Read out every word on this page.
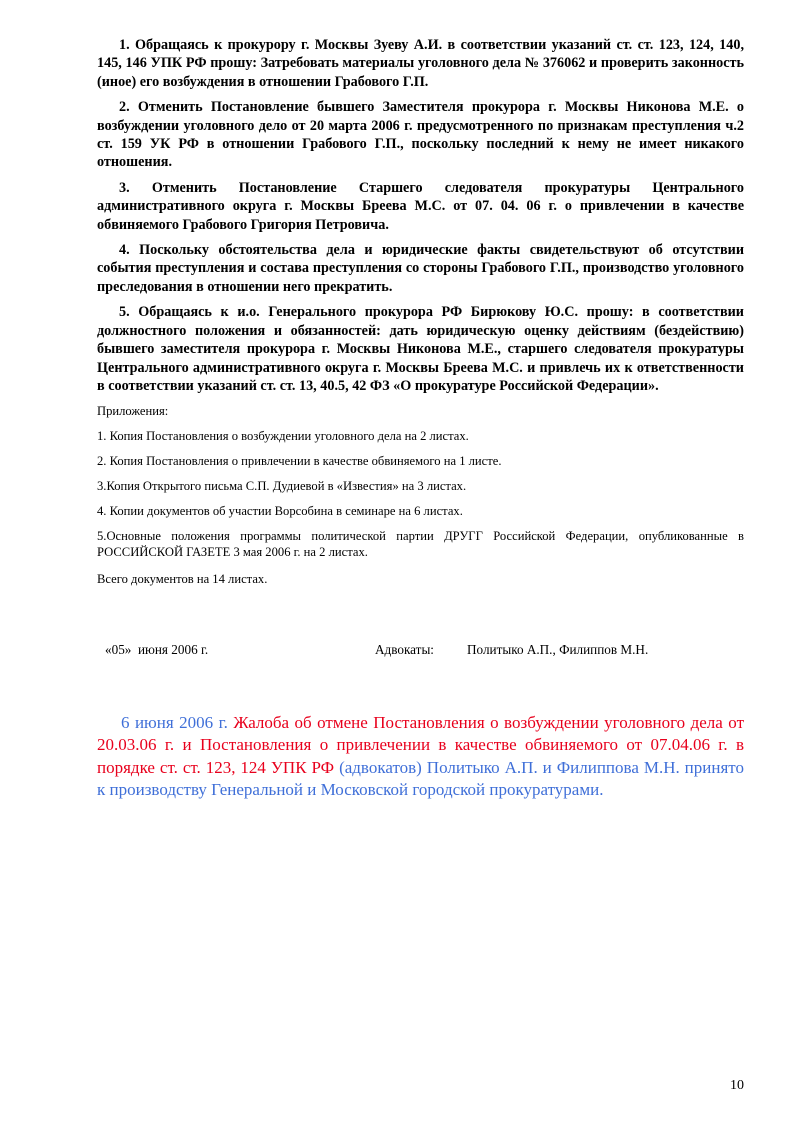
1. Обращаясь к прокурору г. Москвы Зуеву А.И. в соответствии указаний ст. ст. 123, 124, 140, 145, 146 УПК РФ прошу: Затребовать материалы уголовного дела № 376062 и проверить законность (иное) его возбуждения в отношении Грабового Г.П.

2. Отменить Постановление бывшего Заместителя прокурора г. Москвы Никонова М.Е. о возбуждении уголовного дело от 20 марта 2006 г. предусмотренного по признакам преступления ч.2 ст. 159 УК РФ в отношении Грабового Г.П., поскольку последний к нему не имеет никакого отношения.

3. Отменить Постановление Старшего следователя прокуратуры Центрального административного округа г. Москвы Бреева М.С. от 07. 04. 06 г. о привлечении в качестве обвиняемого Грабового Григория Петровича.

4. Поскольку обстоятельства дела и юридические факты свидетельствуют об отсутствии события преступления и состава преступления со стороны Грабового Г.П., производство уголовного преследования в отношении него прекратить.

5. Обращаясь к и.о. Генерального прокурора РФ Бирюкову Ю.С. прошу: в соответствии должностного положения и обязанностей: дать юридическую оценку действиям (бездействию) бывшего заместителя прокурора г. Москвы Никонова М.Е., старшего следователя прокуратуры Центрального административного округа г. Москвы Бреева М.С. и привлечь их к ответственности в соответствии указаний ст. ст. 13, 40.5, 42 ФЗ «О прокуратуре Российской Федерации».

Приложения:

1. Копия Постановления о возбуждении уголовного дела на 2 листах.

2. Копия Постановления о привлечении в качестве обвиняемого на 1 листе.

3.Копия Открытого письма С.П. Дудиевой в «Известия» на 3 листах.

4. Копии документов об участии Ворсобина в семинаре на 6 листах.

5.Основные положения программы политической партии ДРУГГ Российской Федерации, опубликованные в РОССИЙСКОЙ ГАЗЕТЕ 3 мая 2006 г. на 2 листах.

Всего документов на 14 листах.

«05»  июня 2006 г.	Адвокаты:	Политыко А.П., Филиппов М.Н.

6 июня 2006 г. Жалоба об отмене Постановления о возбуждении уголовного дела от 20.03.06 г. и Постановления о привлечении в качестве обвиняемого от 07.04.06 г. в порядке ст. ст. 123, 124 УПК РФ (адвокатов) Политыко А.П. и Филиппова М.Н. принято к производству Генеральной и Московской городской прокуратурами.

10
